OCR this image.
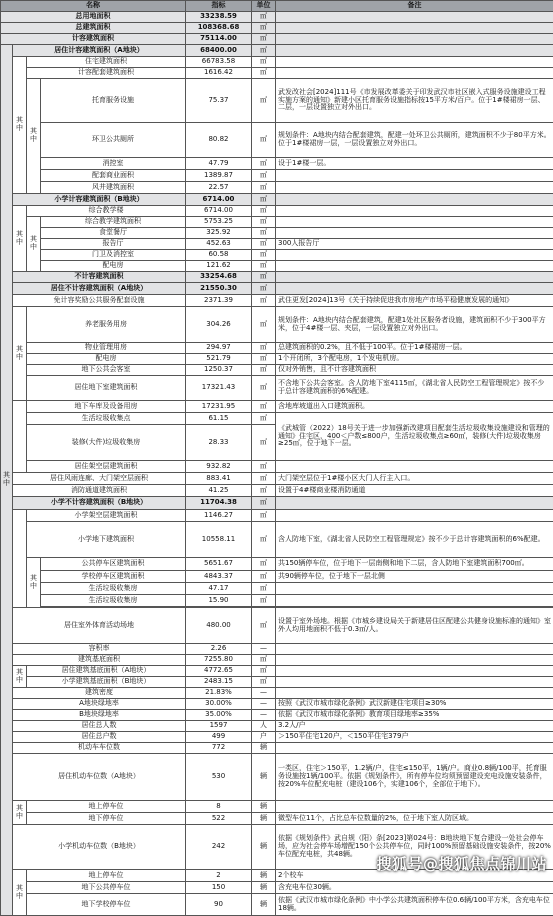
名称				指标	单位	备注
总用地面积				33238.59	㎡	
总建筑面积				108368.68	㎡	
计容建筑面积				75114.00	㎡	
其中	居住计容建筑面积（A地块）			68400.00	㎡	
	其中	住宅建筑面积		66783.58	㎡	
		计容配套建筑面积		1616.42	㎡	
		其中	托育服务设施	75.37	㎡	武发改社会[2024]111号《市发展改革委关于印发武汉市社区嵌入式服务设施建设工程实施方案的通知》新建小区托育服务设施指标按15平方米/百户。位于1#楼裙房一层、二层，一层设置独立对外出口。
			环卫公共厕所	80.82	㎡	规划条件：A地块内结合配套建筑，配建一处环卫公共厕所，建筑面积不少于80平方米。位于1#楼裙房一层，一层设置独立对外出口。
			消控室	47.79	㎡	设于1#楼一层。
			配套商业面积	1389.87	㎡	
			风井建筑面积	22.57	㎡	
	小学计容建筑面积（B地块）			6714.00	㎡	
	其中	综合教学楼		6714.00	㎡	
		其中	综合教学建筑面积	5753.25	㎡	
			食堂餐厅	325.92	㎡	
			报告厅	452.63	㎡	300人报告厅
			门卫及消控室	60.58	㎡	
			配电房	121.62	㎡	
	不计容建筑面积			33254.68	㎡	
	居住不计容建筑面积（A地块）			21550.30	㎡	
	免计容奖励公共服务配套设施			2371.39	㎡	武住更发[2024]13号《关于持续促进我市房地产市场平稳健康发展的通知》
	其中	养老服务用房		304.26	㎡	规划条件：A地块内结合配套建筑，配建1处社区服务者设施，建筑面积不少于300平方米，位于4#楼一层、夹层，一层设置独立对外出口。
		物业管理用房		294.97	㎡	总建筑面积的0.2%，且不低于100平。位于1#楼裙房一层。
		配电房		521.79	㎡	1个开闭所，3个配电房，1个发电机房。
		地下公共会客室		1250.37	㎡	仅对外销售，且不计容建筑面积
		居住地下室建筑面积		17321.43	㎡	不含地下公共会客室。含人防地下室4115㎡，《湖北省人民防空工程管理规定》按不少于总计容建筑面积的6%配建。
		地下车库及设备用房		17231.95	㎡	含地库坡道出入口建筑面积。
		生活垃圾收集点		61.15	㎡	《武城管（2022）18号关于进一步加强新改建项目配套生活垃圾收集设施建设和管理的通知》住宅区，400＜户数≤800户，生活垃圾收集点≥60㎡，装修(大件)垃圾收集房≥25㎡，位于地下一层。
		装修(大件)垃圾收集房		28.33	㎡	
		居住架空层建筑面积		932.82	㎡	
	居住风雨连廊、大门架空层面积			883.41	㎡	大门架空层位于1#楼小区大门人行主入口。
	消防通道建筑面积			41.25	㎡	设置于4#楼商业楼消防通道
	小学不计容建筑面积（B地块）			11704.38	㎡	
		小学架空层建筑面积		1146.27	㎡	
		小学地下建筑面积		10558.11	㎡	含人防地下室，《湖北省人民防空工程管理规定》按不少于总计容建筑面积的6%配建。
		其中	公共停车区建筑面积	5651.67	㎡	共150辆停车位，位于地下一层南侧和地下二层，含人防地下室建筑面积700㎡。
			学校停车区建筑面积	4843.37	㎡	共90辆停车位，位于地下一层北侧
			生活垃圾收集房	47.17	㎡	
			生活垃圾收集房	15.90	㎡	

	居住室外体育活动场地			480.00	㎡	设置于室外场地。根据《市城乡建设局关于新建居住区配建公共健身设施标准的通知》室外人均用地面积不低于0.3㎡/人。
	容积率			2.26	—	
	建筑基底面积			7255.80	㎡	
	其中	居住建筑基底面积（A地块）		4772.65	㎡	
		小学建筑基底面积（B地块）		2483.15	㎡	
	建筑密度			21.83%	—	
	A地块绿地率			30.00%	—	按照《武汉市城市绿化条例》武汉新建住宅项目≥30%
	B地块绿地率			35.00%	—	依据《武汉市城市绿化条例》教育项目绿地率≥35%
	居住总人数			1597	人	3.2人/户
	居住总户数			499	户	＞150平住宅120户，＜150平住宅379户
	机动车车位数			772	辆	
	居住机动车位数（A地块）			530	辆	一类区，住宅＞150平，1.2辆/户，住宅≤150平，1辆/户。商业0.8辆/100平，托育服务设施按1辆/100平。依据《规划条件》，所有停车位均须预留建设充电设施安装条件，按20%车位配充电桩（建设106个，实建106个，全部位于地下）。
	其中	地上停车位		8	辆	
		地下停车位		522	辆	微型车位11个，占比总车位数量的2%，位于地下室人防区域。
	小学机动车位数（B地块）			242	辆	依据《规划条件》武自规（阳）条[2023]第024号：B地块地下复合建设一处社会停车场，应为社会停车场增配150个公共停车位，同时100%预留基础设施安装条件，按20%车位配充电桩，共48辆。
	其中	地上停车位		2	辆	2个校车
		地下公共停车位		150	辆	含充电车位30辆。
		地下学校停车位		90	辆	依据《武汉市城市绿化条例》中小学公共建筑面积停车位0.6辆/100平方米，含充电车位18辆。
搜狐号@搜狐焦点锦川站
